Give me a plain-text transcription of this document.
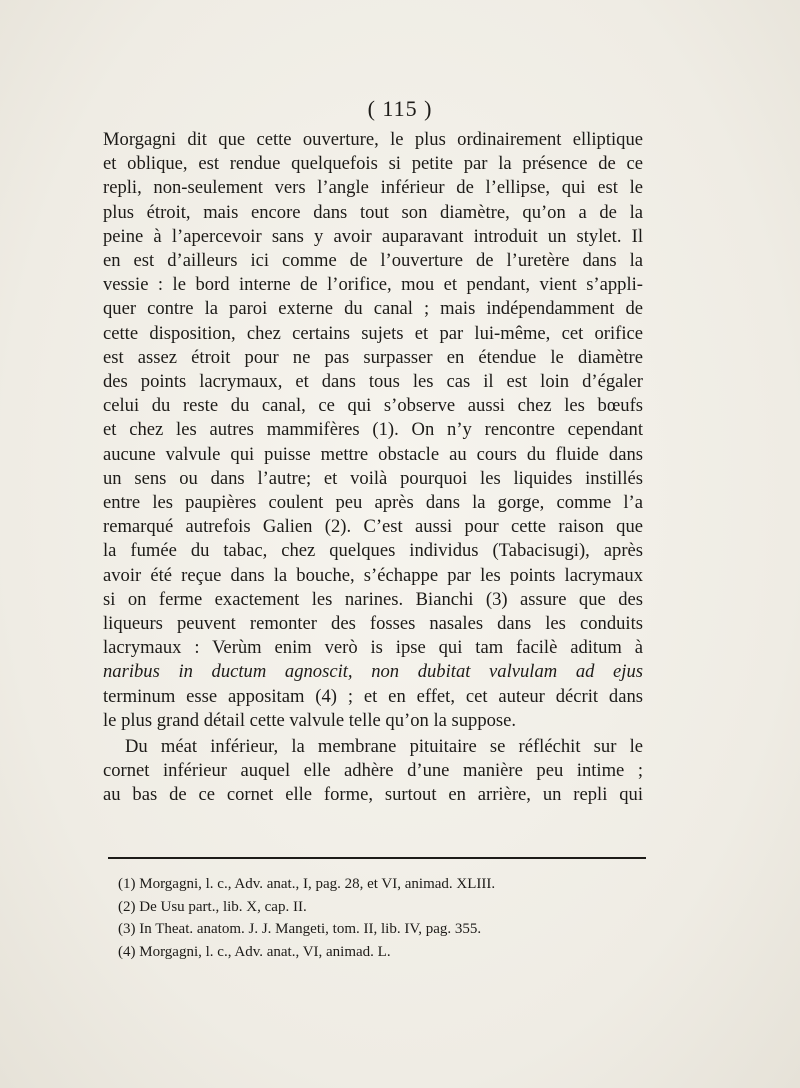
( 115 )

Morgagni dit que cette ouverture, le plus ordinairement elliptique
et oblique, est rendue quelquefois si petite par la présence de ce
repli, non-seulement vers l’angle inférieur de l’ellipse, qui est le
plus étroit, mais encore dans tout son diamètre, qu’on a de la
peine à l’apercevoir sans y avoir auparavant introduit un stylet. Il
en est d’ailleurs ici comme de l’ouverture de l’uretère dans la
vessie : le bord interne de l’orifice, mou et pendant, vient s’appli-
quer contre la paroi externe du canal ; mais indépendamment de
cette disposition, chez certains sujets et par lui-même, cet orifice
est assez étroit pour ne pas surpasser en étendue le diamètre
des points lacrymaux, et dans tous les cas il est loin d’égaler
celui du reste du canal, ce qui s’observe aussi chez les bœufs
et chez les autres mammifères (1). On n’y rencontre cependant
aucune valvule qui puisse mettre obstacle au cours du fluide dans
un sens ou dans l’autre; et voilà pourquoi les liquides instillés
entre les paupières coulent peu après dans la gorge, comme l’a
remarqué autrefois Galien (2). C’est aussi pour cette raison que
la fumée du tabac, chez quelques individus (Tabacisugi), après
avoir été reçue dans la bouche, s’échappe par les points lacrymaux
si on ferme exactement les narines. Bianchi (3) assure que des
liqueurs peuvent remonter des fosses nasales dans les conduits
lacrymaux : Verùm enim verò is ipse qui tam facilè aditum à
naribus in ductum agnoscit, non dubitat valvulam ad ejus
terminum esse appositam (4) ; et en effet, cet auteur décrit dans
le plus grand détail cette valvule telle qu’on la suppose.

Du méat inférieur, la membrane pituitaire se réfléchit sur le
cornet inférieur auquel elle adhère d’une manière peu intime ;
au bas de ce cornet elle forme, surtout en arrière, un repli qui

(1) Morgagni, l. c., Adv. anat., I, pag. 28, et VI, animad. XLIII.
(2) De Usu part., lib. X, cap. II.
(3) In Theat. anatom. J. J. Mangeti, tom. II, lib. IV, pag. 355.
(4) Morgagni, l. c., Adv. anat., VI, animad. L.
